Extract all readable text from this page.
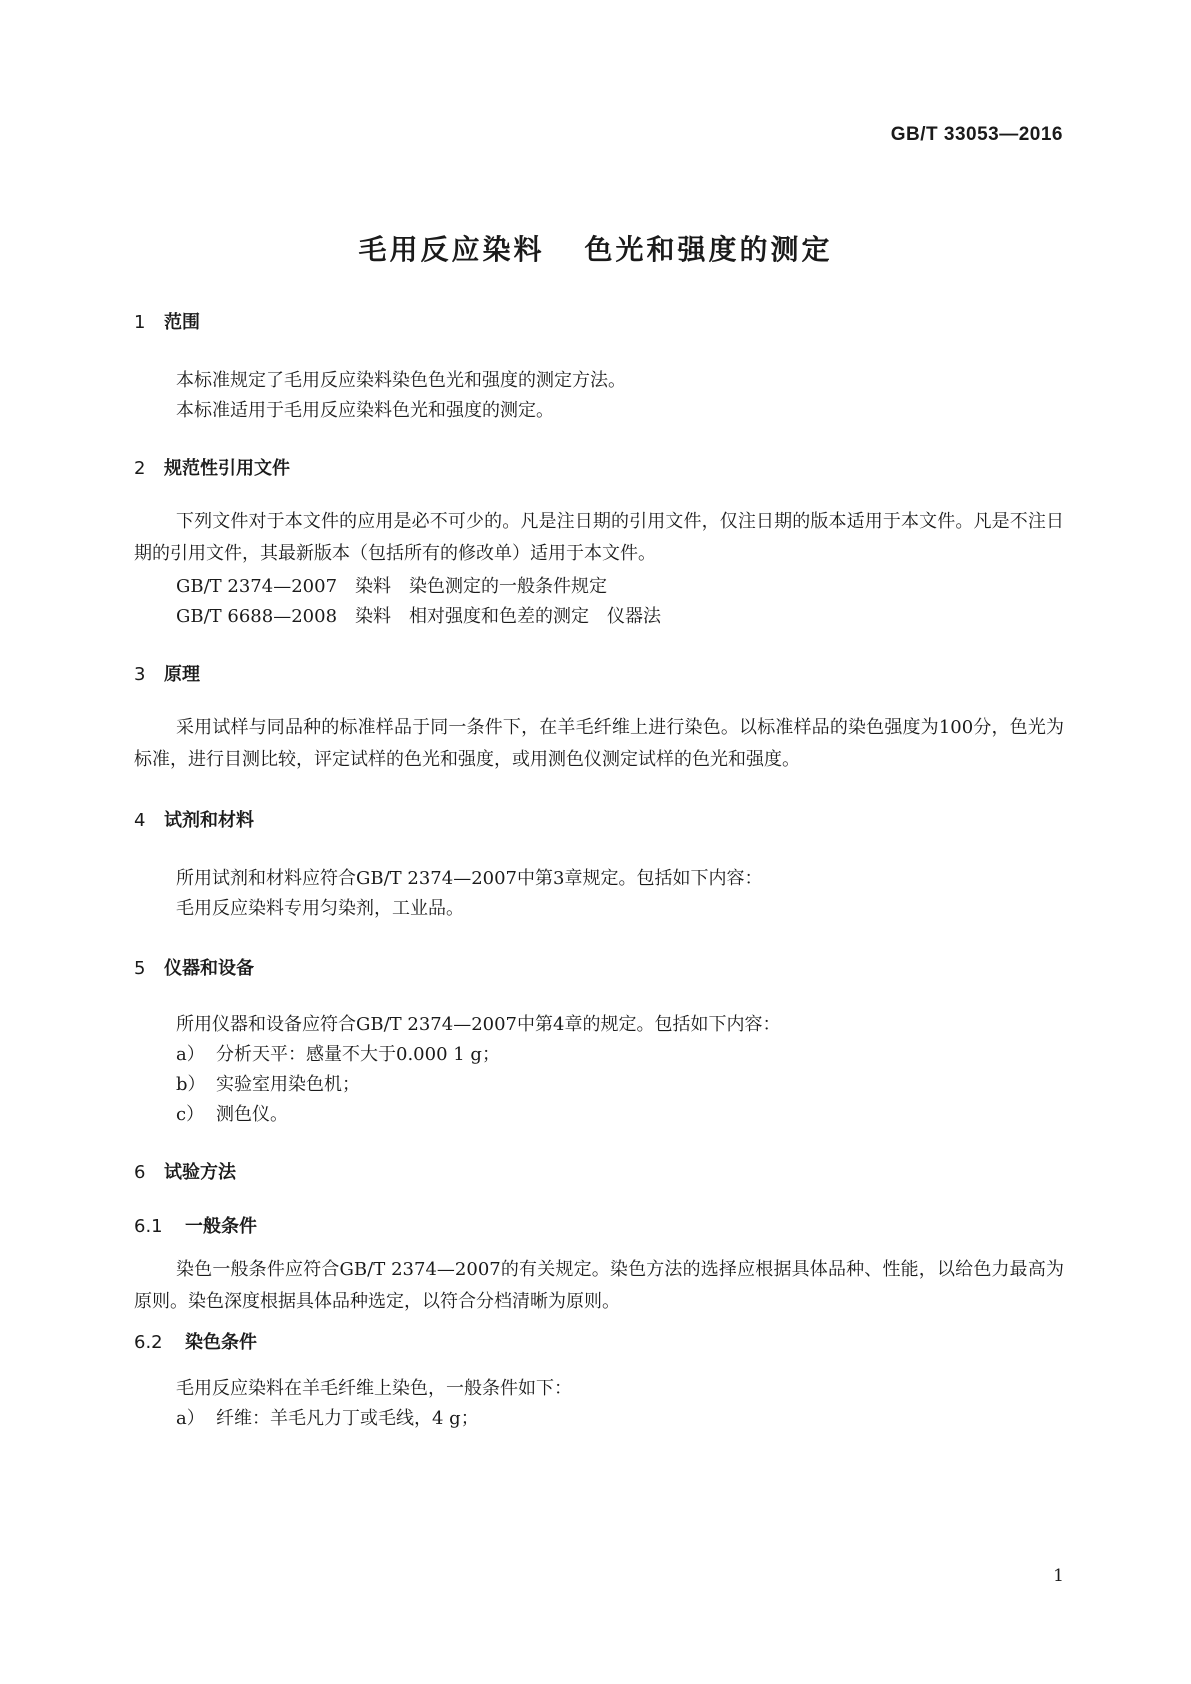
GB/T 33053—2016
毛用反应染料 色光和强度的测定
1 范围
本标准规定了毛用反应染料染色色光和强度的测定方法。
本标准适用于毛用反应染料色光和强度的测定。
2 规范性引用文件
下列文件对于本文件的应用是必不可少的。凡是注日期的引用文件，仅注日期的版本适用于本文件。凡是不注日期的引用文件，其最新版本（包括所有的修改单）适用于本文件。
GB/T 2374—2007　染料　染色测定的一般条件规定
GB/T 6688—2008　染料　相对强度和色差的测定　仪器法
3 原理
采用试样与同品种的标准样品于同一条件下，在羊毛纤维上进行染色。以标准样品的染色强度为100分，色光为标准，进行目测比较，评定试样的色光和强度，或用测色仪测定试样的色光和强度。
4 试剂和材料
所用试剂和材料应符合GB/T 2374—2007中第3章规定。包括如下内容：
毛用反应染料专用匀染剂，工业品。
5 仪器和设备
所用仪器和设备应符合GB/T 2374—2007中第4章的规定。包括如下内容：
a） 分析天平：感量不大于0.000 1 g；
b） 实验室用染色机；
c） 测色仪。
6 试验方法
6.1 一般条件
染色一般条件应符合GB/T 2374—2007的有关规定。染色方法的选择应根据具体品种、性能，以给色力最高为原则。染色深度根据具体品种选定，以符合分档清晰为原则。
6.2 染色条件
毛用反应染料在羊毛纤维上染色，一般条件如下：
a） 纤维：羊毛凡力丁或毛线，4 g；
1
